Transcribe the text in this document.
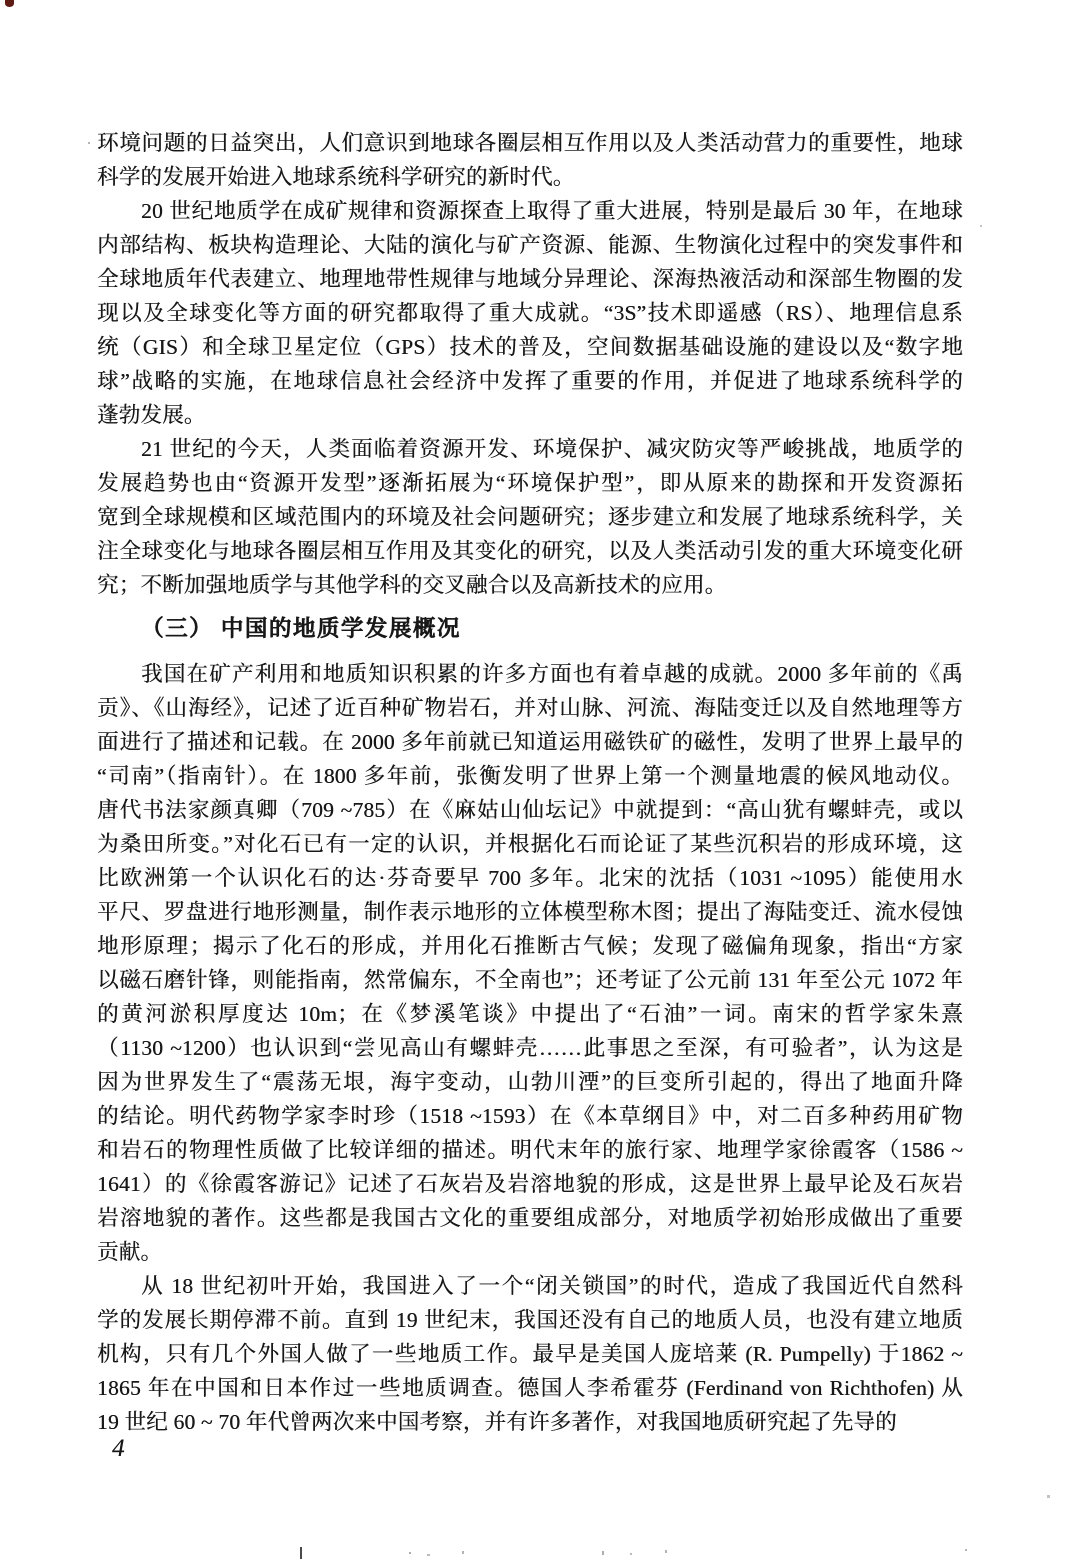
环境问题的日益突出，人们意识到地球各圈层相互作用以及人类活动营力的重要性，地球
科学的发展开始进入地球系统科学研究的新时代。
20 世纪地质学在成矿规律和资源探查上取得了重大进展，特别是最后 30 年，在地球
内部结构、板块构造理论、大陆的演化与矿产资源、能源、生物演化过程中的突发事件和
全球地质年代表建立、地理地带性规律与地域分异理论、深海热液活动和深部生物圈的发
现以及全球变化等方面的研究都取得了重大成就。“3S”技术即遥感（RS）、地理信息系
统（GIS）和全球卫星定位（GPS）技术的普及，空间数据基础设施的建设以及“数字地
球”战略的实施，在地球信息社会经济中发挥了重要的作用，并促进了地球系统科学的
蓬勃发展。
21 世纪的今天，人类面临着资源开发、环境保护、减灾防灾等严峻挑战，地质学的
发展趋势也由“资源开发型”逐渐拓展为“环境保护型”，即从原来的勘探和开发资源拓
宽到全球规模和区域范围内的环境及社会问题研究；逐步建立和发展了地球系统科学，关
注全球变化与地球各圈层相互作用及其变化的研究，以及人类活动引发的重大环境变化研
究；不断加强地质学与其他学科的交叉融合以及高新技术的应用。
（三） 中国的地质学发展概况
我国在矿产利用和地质知识积累的许多方面也有着卓越的成就。2000 多年前的《禹
贡》、《山海经》，记述了近百种矿物岩石，并对山脉、河流、海陆变迁以及自然地理等方
面进行了描述和记载。在 2000 多年前就已知道运用磁铁矿的磁性，发明了世界上最早的
“司南”（指南针）。在 1800 多年前，张衡发明了世界上第一个测量地震的候风地动仪。
唐代书法家颜真卿（709 ~785）在《麻姑山仙坛记》中就提到：“高山犹有螺蚌壳，或以
为桑田所变。”对化石已有一定的认识，并根据化石而论证了某些沉积岩的形成环境，这
比欧洲第一个认识化石的达·芬奇要早 700 多年。北宋的沈括（1031 ~1095）能使用水
平尺、罗盘进行地形测量，制作表示地形的立体模型称木图；提出了海陆变迁、流水侵蚀
地形原理；揭示了化石的形成，并用化石推断古气候；发现了磁偏角现象，指出“方家
以磁石磨针锋，则能指南，然常偏东，不全南也”；还考证了公元前 131 年至公元 1072 年
的黄河淤积厚度达 10m；在《梦溪笔谈》中提出了“石油”一词。南宋的哲学家朱熹
（1130 ~1200）也认识到“尝见高山有螺蚌壳……此事思之至深，有可验者”，认为这是
因为世界发生了“震荡无垠，海宇变动，山勃川湮”的巨变所引起的，得出了地面升降
的结论。明代药物学家李时珍（1518 ~1593）在《本草纲目》中，对二百多种药用矿物
和岩石的物理性质做了比较详细的描述。明代末年的旅行家、地理学家徐霞客（1586 ~
1641）的《徐霞客游记》记述了石灰岩及岩溶地貌的形成，这是世界上最早论及石灰岩
岩溶地貌的著作。这些都是我国古文化的重要组成部分，对地质学初始形成做出了重要
贡献。
从 18 世纪初叶开始，我国进入了一个“闭关锁国”的时代，造成了我国近代自然科
学的发展长期停滞不前。直到 19 世纪末，我国还没有自己的地质人员，也没有建立地质
机构，只有几个外国人做了一些地质工作。最早是美国人庞培莱 (R. Pumpelly) 于1862 ~
1865 年在中国和日本作过一些地质调查。德国人李希霍芬 (Ferdinand von Richthofen) 从
19 世纪 60 ~ 70 年代曾两次来中国考察，并有许多著作，对我国地质研究起了先导的
4
